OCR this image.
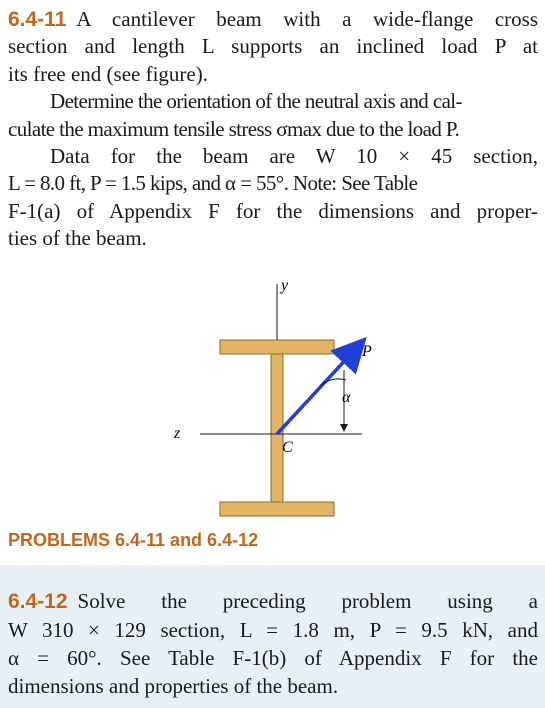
6.4-11 A cantilever beam with a wide-flange cross
section and length L supports an inclined load P at
its free end (see figure).
Determine the orientation of the neutral axis and cal-
culate the maximum tensile stress σmax due to the load P.
Data for the beam are W 10 × 45 section,
L = 8.0 ft, P = 1.5 kips, and α = 55°. Note: See Table
F-1(a) of Appendix F for the dimensions and proper-
ties of the beam.
y
z
C
P
α
PROBLEMS 6.4-11 and 6.4-12
6.4-12 Solve the preceding problem using a
W 310 × 129 section, L = 1.8 m, P = 9.5 kN, and
α = 60°. See Table F-1(b) of Appendix F for the
dimensions and properties of the beam.
